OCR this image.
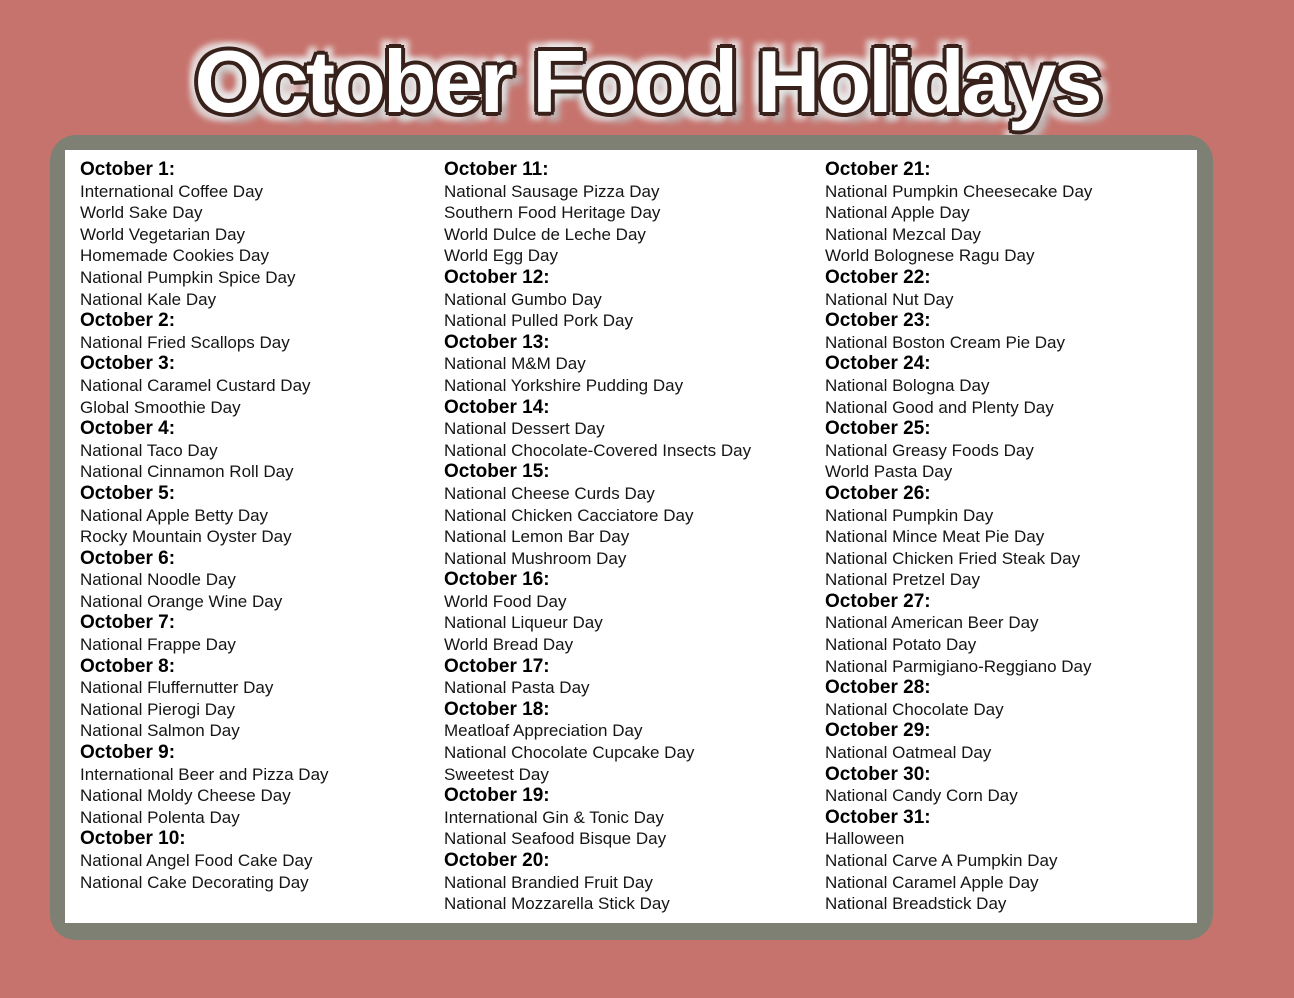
October Food Holidays
October 1:
International Coffee Day
World Sake Day
World Vegetarian Day
Homemade Cookies Day
National Pumpkin Spice Day
National Kale Day
October 2:
National Fried Scallops Day
October 3:
National Caramel Custard Day
Global Smoothie Day
October 4:
National Taco Day
National Cinnamon Roll Day
October 5:
National Apple Betty Day
Rocky Mountain Oyster Day
October 6:
National Noodle Day
National Orange Wine Day
October 7:
National Frappe Day
October 8:
National Fluffernutter Day
National Pierogi Day
National Salmon Day
October 9:
International Beer and Pizza Day
National Moldy Cheese Day
National Polenta Day
October 10:
National Angel Food Cake Day
National Cake Decorating Day
October 11:
National Sausage Pizza Day
Southern Food Heritage Day
World Dulce de Leche Day
World Egg Day
October 12:
National Gumbo Day
National Pulled Pork Day
October 13:
National M&M Day
National Yorkshire Pudding Day
October 14:
National Dessert Day
National Chocolate-Covered Insects Day
October 15:
National Cheese Curds Day
National Chicken Cacciatore Day
National Lemon Bar Day
National Mushroom Day
October 16:
World Food Day
National Liqueur Day
World Bread Day
October 17:
National Pasta Day
October 18:
Meatloaf Appreciation Day
National Chocolate Cupcake Day
Sweetest Day
October 19:
International Gin & Tonic Day
National Seafood Bisque Day
October 20:
National Brandied Fruit Day
National Mozzarella Stick Day
October 21:
National Pumpkin Cheesecake Day
National Apple Day
National Mezcal Day
World Bolognese Ragu Day
October 22:
National Nut Day
October 23:
National Boston Cream Pie Day
October 24:
National Bologna Day
National Good and Plenty Day
October 25:
National Greasy Foods Day
World Pasta Day
October 26:
National Pumpkin Day
National Mince Meat Pie Day
National Chicken Fried Steak Day
National Pretzel Day
October 27:
National American Beer Day
National Potato Day
National Parmigiano-Reggiano Day
October 28:
National Chocolate Day
October 29:
National Oatmeal Day
October 30:
National Candy Corn Day
October 31:
Halloween
National Carve A Pumpkin Day
National Caramel Apple Day
National Breadstick Day
